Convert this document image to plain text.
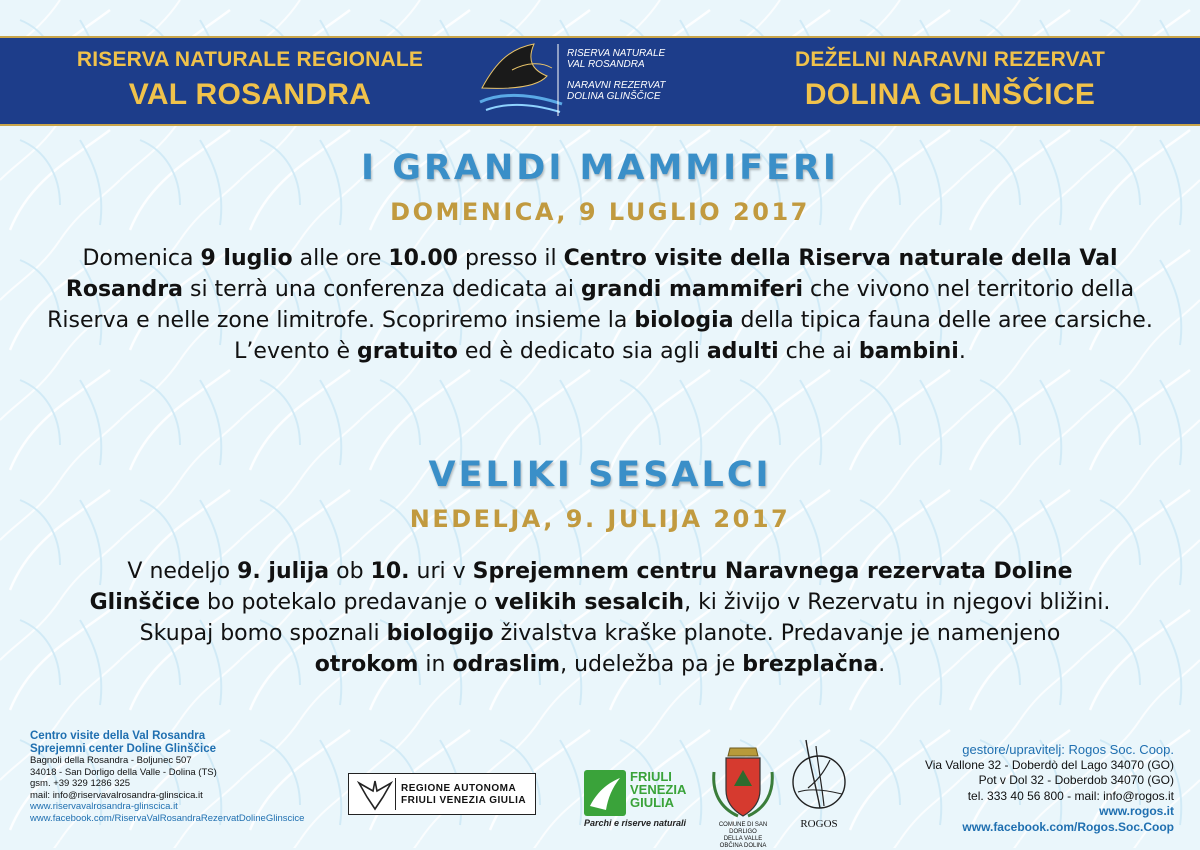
RISERVA NATURALE REGIONALE
VAL ROSANDRA
RISERVA NATURALE
VAL ROSANDRA
NARAVNI REZERVAT
DOLINA GLINŠČICE
DEŽELNI NARAVNI REZERVAT
DOLINA GLINŠČICE
I GRANDI MAMMIFERI
DOMENICA, 9 LUGLIO 2017
Domenica 9 luglio alle ore 10.00 presso il Centro visite della Riserva naturale della Val Rosandra si terrà una conferenza dedicata ai grandi mammiferi che vivono nel territorio della Riserva e nelle zone limitrofe. Scopriremo insieme la biologia della tipica fauna delle aree carsiche. L’evento è gratuito ed è dedicato sia agli adulti che ai bambini.
VELIKI SESALCI
NEDELJA, 9. JULIJA 2017
V nedeljo 9. julija ob 10. uri v Sprejemnem centru Naravnega rezervata Doline Glinščice bo potekalo predavanje o velikih sesalcih, ki živijo v Rezervatu in njegovi bližini. Skupaj bomo spoznali biologijo živalstva kraške planote. Predavanje je namenjeno otrokom in odraslim, udeležba pa je brezplačna.
Centro visite della Val Rosandra
Sprejemni center Doline Glinščice
Bagnoli della Rosandra - Boljunec 507
34018 - San Dorligo della Valle - Dolina (TS)
gsm. +39 329 1286 325
mail: info@riservavalrosandra-glinscica.it
www.riservavalrosandra-glinscica.it
www.facebook.com/RiservaValRosandraRezervatDolineGlinscice
REGIONE AUTONOMA
FRIULI VENEZIA GIULIA
FRIULI
VENEZIA
GIULIA
Parchi e riserve naturali	COMUNE DI SAN DORLIGO
DELLA VALLE
OBČINA DOLINA
ROGOS
gestore/upravitelj: Rogos Soc. Coop.
Via Vallone 32 - Doberdò del Lago 34070 (GO)
Pot v Dol 32 - Doberdob 34070 (GO)
tel. 333 40 56 800 - mail: info@rogos.it
www.rogos.it
www.facebook.com/Rogos.Soc.Coop
